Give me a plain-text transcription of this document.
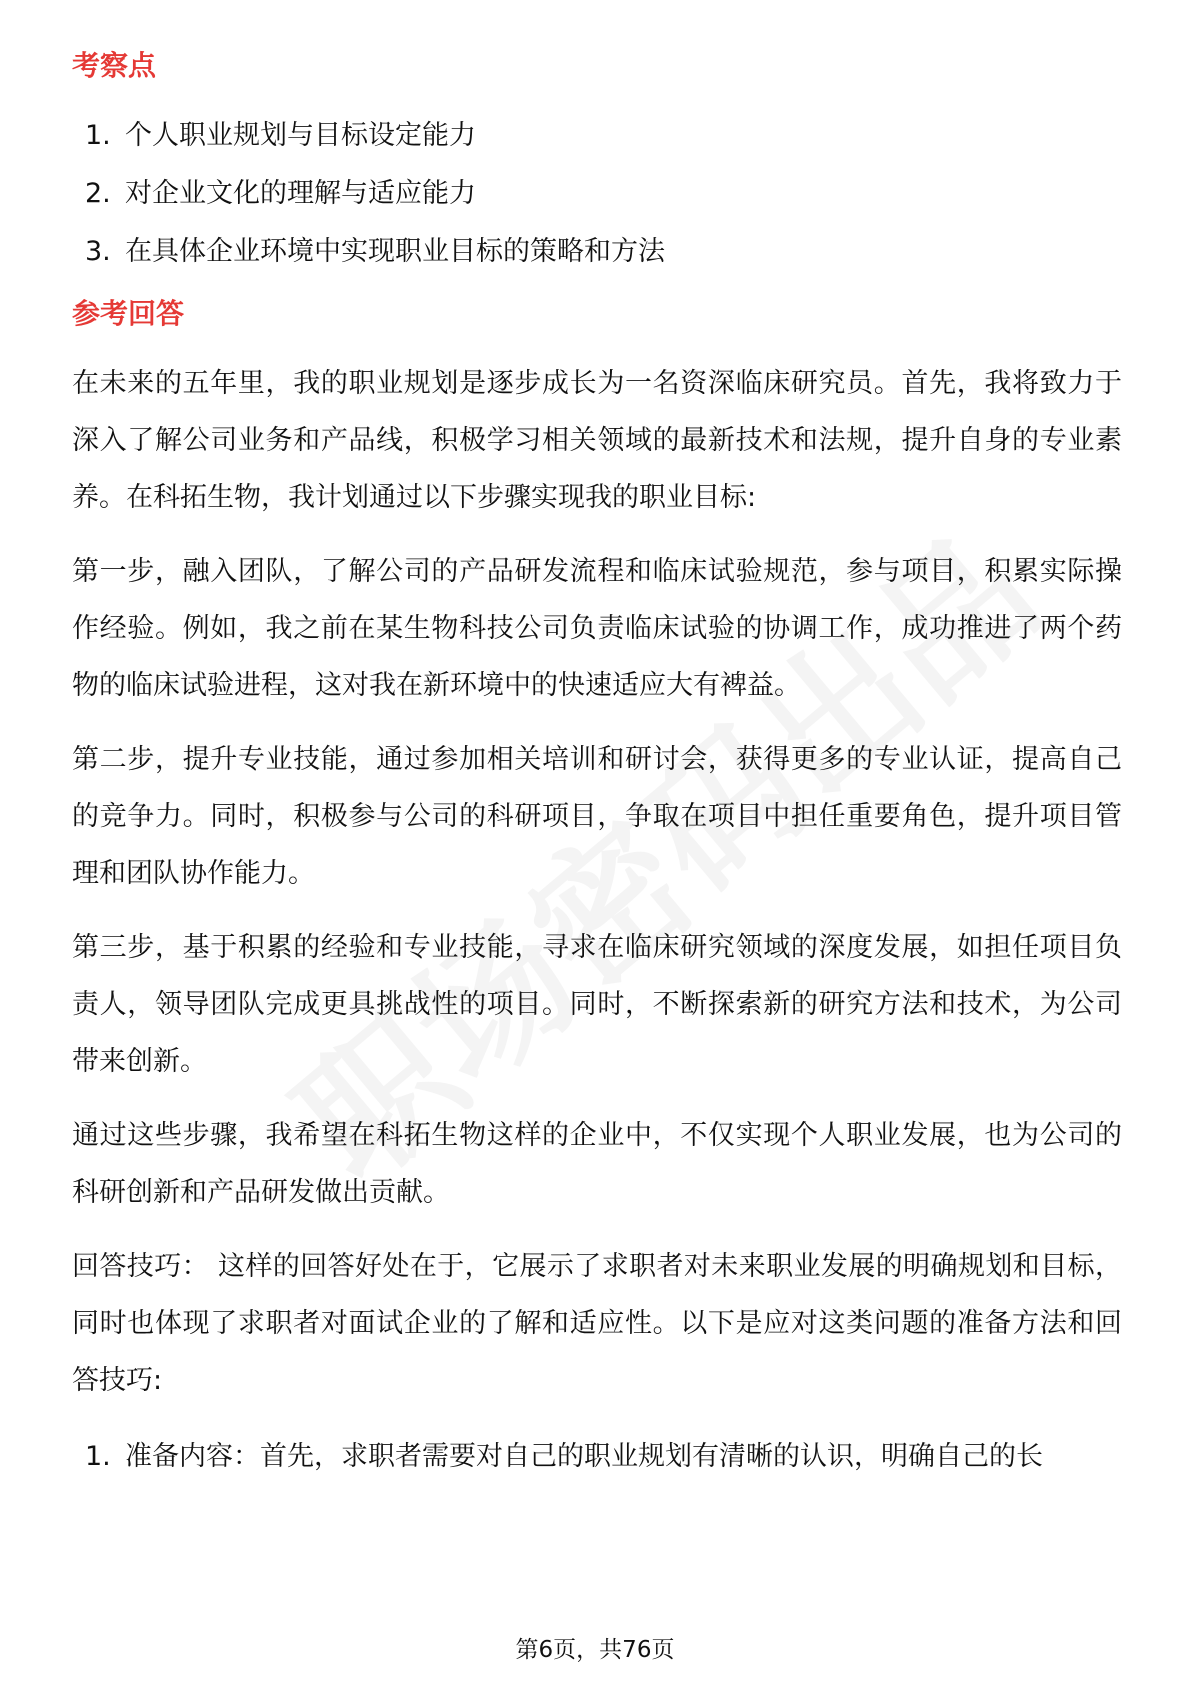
考察点
1. 个人职业规划与目标设定能力
2. 对企业文化的理解与适应能力
3. 在具体企业环境中实现职业目标的策略和方法
参考回答

在未来的五年里，我的职业规划是逐步成长为一名资深临床研究员。首先，我将致力于深入了解公司业务和产品线，积极学习相关领域的最新技术和法规，提升自身的专业素养。在科拓生物，我计划通过以下步骤实现我的职业目标:

第一步，融入团队，了解公司的产品研发流程和临床试验规范，参与项目，积累实际操作经验。例如，我之前在某生物科技公司负责临床试验的协调工作，成功推进了两个药物的临床试验进程，这对我在新环境中的快速适应大有裨益。

第二步，提升专业技能，通过参加相关培训和研讨会，获得更多的专业认证，提高自己的竞争力。同时，积极参与公司的科研项目，争取在项目中担任重要角色，提升项目管理和团队协作能力。

第三步，基于积累的经验和专业技能，寻求在临床研究领域的深度发展，如担任项目负责人，领导团队完成更具挑战性的项目。同时，不断探索新的研究方法和技术，为公司带来创新。

通过这些步骤，我希望在科拓生物这样的企业中，不仅实现个人职业发展，也为公司的科研创新和产品研发做出贡献。

回答技巧： 这样的回答好处在于，它展示了求职者对未来职业发展的明确规划和目标，同时也体现了求职者对面试企业的了解和适应性。以下是应对这类问题的准备方法和回答技巧:

1. 准备内容：首先，求职者需要对自己的职业规划有清晰的认识，明确自己的长
第6页，共76页
